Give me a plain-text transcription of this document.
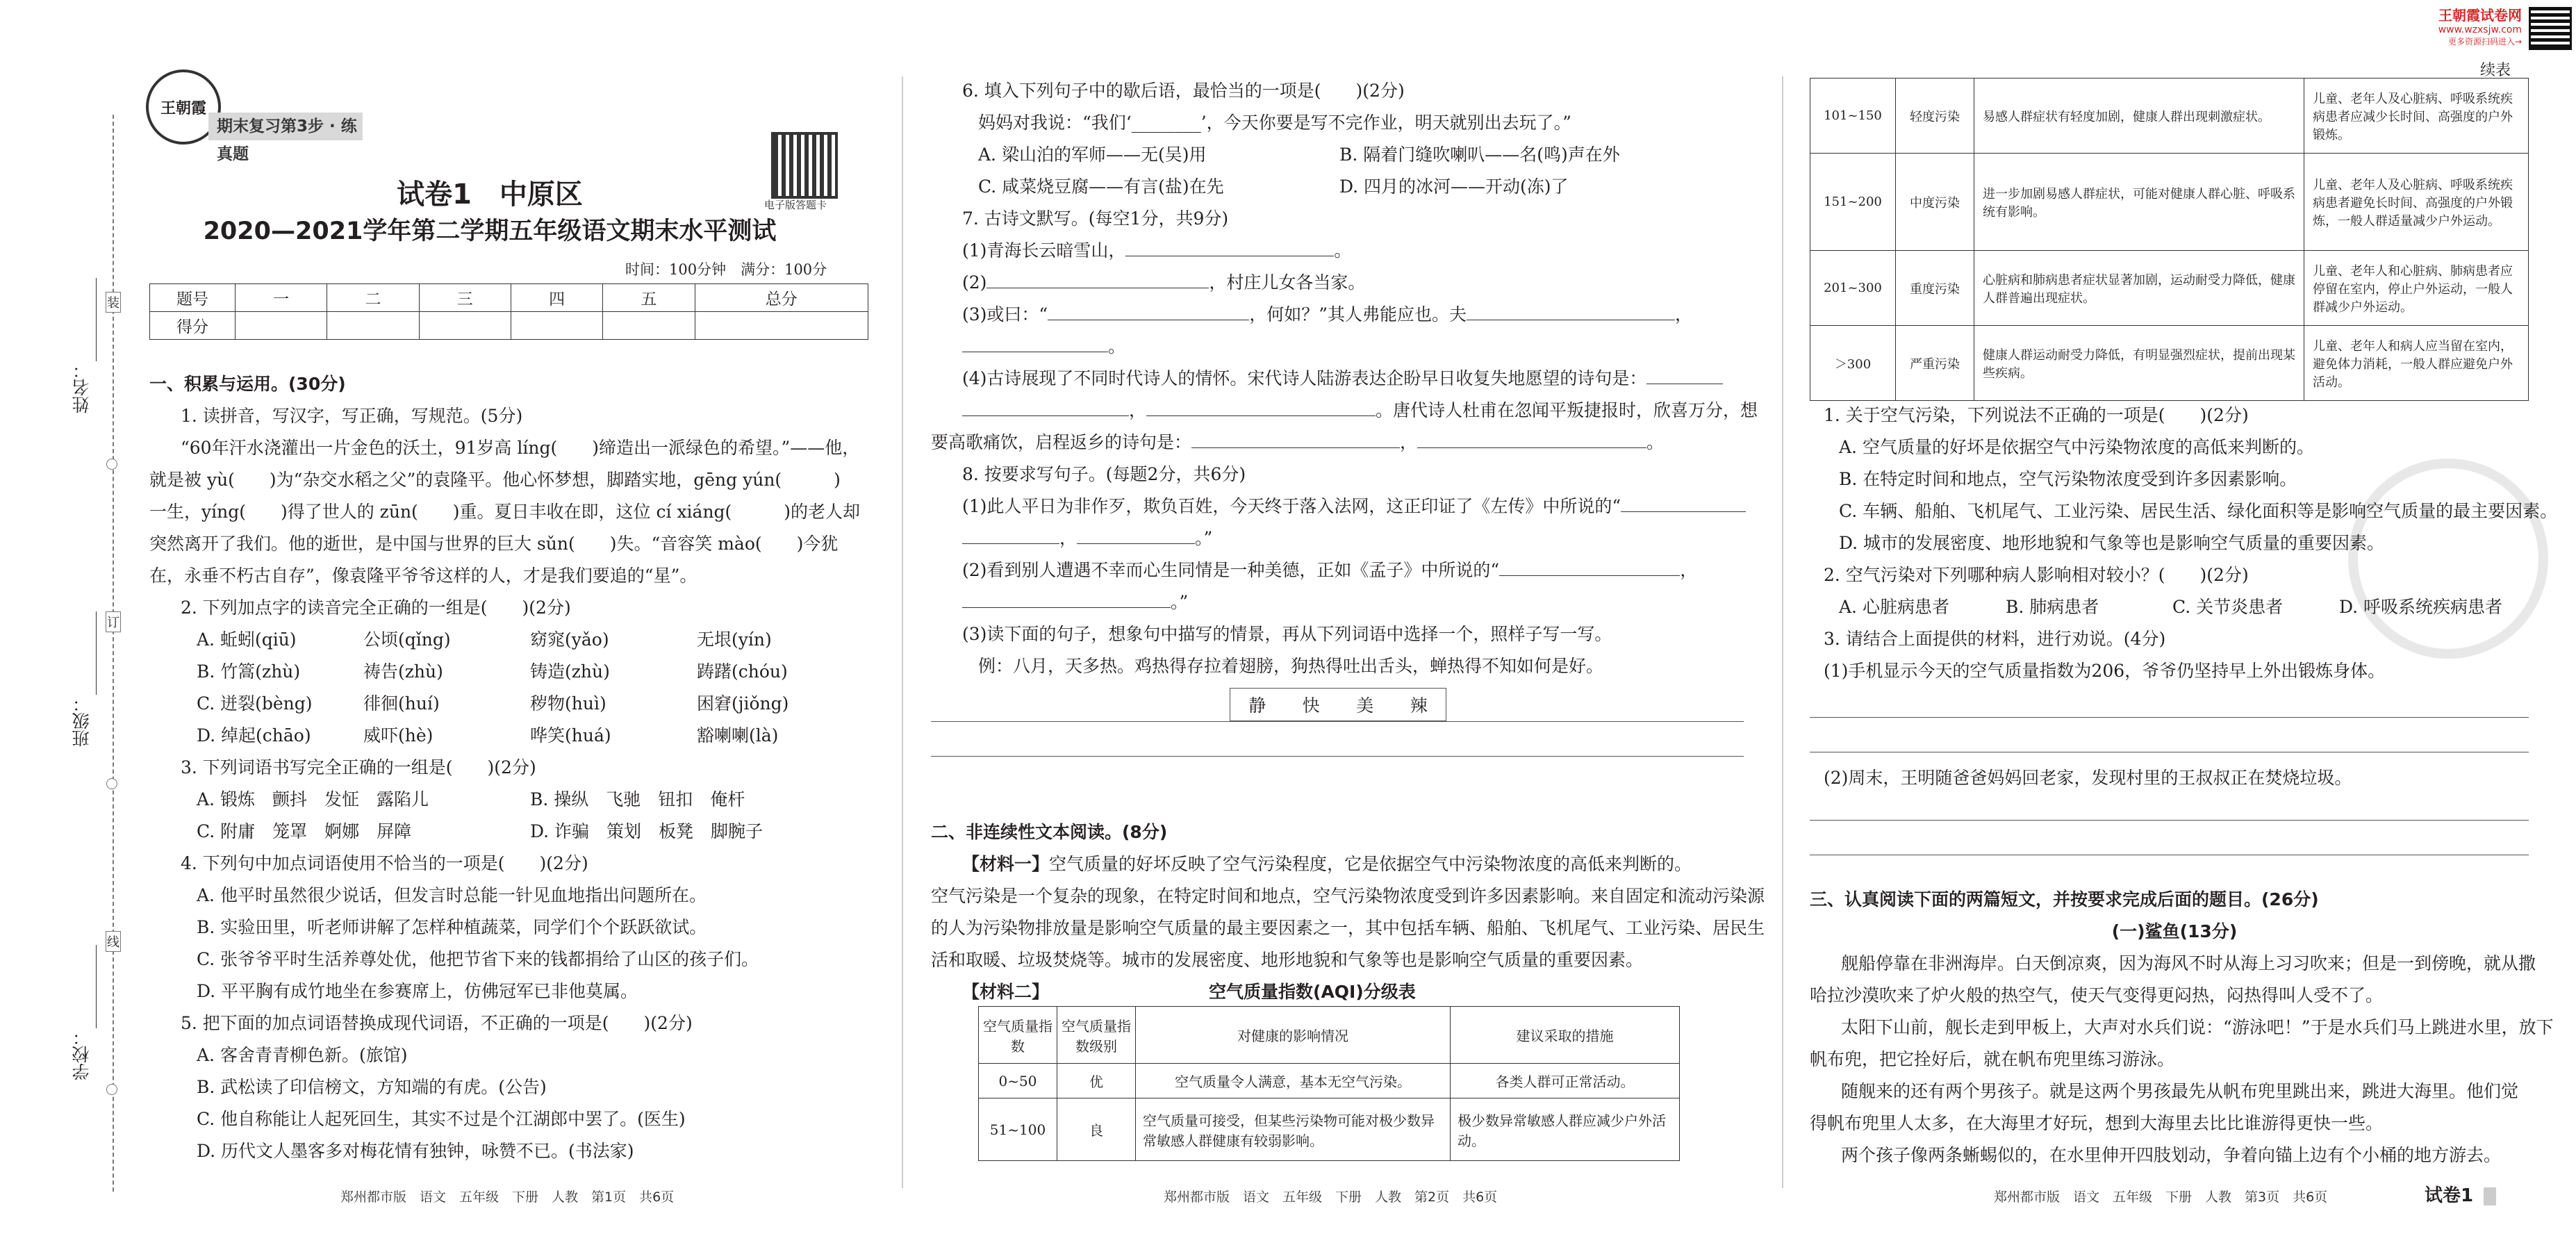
姓名：
班级：
学校：
装
订
线
王朝霞
期末复习第3步 · 练真题
电子版答题卡
试卷1　中原区
2020—2021学年第二学期五年级语文期末水平测试
时间：100分钟　满分：100分
题号	一	二	三	四	五	总分
得分						
一、积累与运用。(30分)
1. 读拼音，写汉字，写正确，写规范。(5分)
“60年汗水浇灌出一片金色的沃土，91岁高 líng(　　)缔造出一派绿色的希望。”——他，
就是被 yù(　　)为“杂交水稻之父”的袁隆平。他心怀梦想，脚踏实地，gēng yún(　　　)
一生，yíng(　　)得了世人的 zūn(　　)重。夏日丰收在即，这位 cí xiáng(　　　)的老人却
突然离开了我们。他的逝世，是中国与世界的巨大 sǔn(　　)失。“音容笑 mào(　　)今犹
在，永垂不朽古自存”，像袁隆平爷爷这样的人，才是我们要追的“星”。
2. 下列加点字的读音完全正确的一组是(　　)(2分)
A. 蚯蚓(qiū)	公顷(qǐng)	窈窕(yǎo)	无垠(yín)
B. 竹篙(zhù)	祷告(zhù)	铸造(zhù)	踌躇(chóu)
C. 迸裂(bèng)	徘徊(huí)	秽物(huì)	困窘(jiǒng)
D. 绰起(chāo)	威吓(hè)	哗笑(huá)	豁喇喇(là)
3. 下列词语书写完全正确的一组是(　　)(2分)
A. 锻炼　颤抖　发怔　露陷儿	B. 操纵　飞驰　钮扣　俺杆
C. 附庸　笼罩　婀娜　屏障	D. 诈骗　策划　板凳　脚腕子
4. 下列句中加点词语使用不恰当的一项是(　　)(2分)
A. 他平时虽然很少说话，但发言时总能一针见血地指出问题所在。
B. 实验田里，听老师讲解了怎样种植蔬菜，同学们个个跃跃欲试。
C. 张爷爷平时生活养尊处优，他把节省下来的钱都捐给了山区的孩子们。
D. 平平胸有成竹地坐在参赛席上，仿佛冠军已非他莫属。
5. 把下面的加点词语替换成现代词语，不正确的一项是(　　)(2分)
A. 客舍青青柳色新。(旅馆)
B. 武松读了印信榜文，方知端的有虎。(公告)
C. 他自称能让人起死回生，其实不过是个江湖郎中罢了。(医生)
D. 历代文人墨客多对梅花情有独钟，咏赞不已。(书法家)
郑州都市版　语文　五年级　下册　人教　第1页　共6页
6. 填入下列句子中的歇后语，最恰当的一项是(　　)(2分)
妈妈对我说：“我们‘________’，今天你要是写不完作业，明天就别出去玩了。”
A. 梁山泊的军师——无(吴)用	B. 隔着门缝吹喇叭——名(鸣)声在外
C. 咸菜烧豆腐——有言(盐)在先	D. 四月的冰河——开动(冻)了
7. 古诗文默写。(每空1分，共9分)
(1)青海长云暗雪山，	。
(2)	，村庄儿女各当家。
(3)或曰：“	，何如？”其人弗能应也。夫	，
。
(4)古诗展现了不同时代诗人的情怀。宋代诗人陆游表达企盼早日收复失地愿望的诗句是：
，	。唐代诗人杜甫在忽闻平叛捷报时，欣喜万分，想
要高歌痛饮，启程返乡的诗句是：	，	。
8. 按要求写句子。(每题2分，共6分)
(1)此人平日为非作歹，欺负百姓，今天终于落入法网，这正印证了《左传》中所说的“
，	。”
(2)看到别人遭遇不幸而心生同情是一种美德，正如《孟子》中所说的“	，
。”
(3)读下面的句子，想象句中描写的情景，再从下列词语中选择一个，照样子写一写。
例：八月，天多热。鸡热得存拉着翅膀，狗热得吐出舌头，蝉热得不知如何是好。
静 快 美 辣
二、非连续性文本阅读。(8分)
【材料一】空气质量的好坏反映了空气污染程度，它是依据空气中污染物浓度的高低来判断的。
空气污染是一个复杂的现象，在特定时间和地点，空气污染物浓度受到许多因素影响。来自固定和流动污染源
的人为污染物排放量是影响空气质量的最主要因素之一，其中包括车辆、船舶、飞机尾气、工业污染、居民生
活和取暖、垃圾焚烧等。城市的发展密度、地形地貌和气象等也是影响空气质量的重要因素。
【材料二】	空气质量指数(AQI)分级表
空气质量指数	空气质量指数级别	对健康的影响情况	建议采取的措施
0~50	优	空气质量令人满意，基本无空气污染。	各类人群可正常活动。
51~100	良	空气质量可接受，但某些污染物可能对极少数异常敏感人群健康有较弱影响。	极少数异常敏感人群应减少户外活动。
郑州都市版　语文　五年级　下册　人教　第2页　共6页
王朝霞试卷网
www.wzxsjw.com
更多资源扫码进入→
续表
101~150	轻度污染	易感人群症状有轻度加剧，健康人群出现刺激症状。	儿童、老年人及心脏病、呼吸系统疾病患者应减少长时间、高强度的户外锻炼。
151~200	中度污染	进一步加剧易感人群症状，可能对健康人群心脏、呼吸系统有影响。	儿童、老年人及心脏病、呼吸系统疾病患者避免长时间、高强度的户外锻炼，一般人群适量减少户外运动。
201~300	重度污染	心脏病和肺病患者症状显著加剧，运动耐受力降低，健康人群普遍出现症状。	儿童、老年人和心脏病、肺病患者应停留在室内，停止户外运动，一般人群减少户外运动。
＞300	严重污染	健康人群运动耐受力降低，有明显强烈症状，提前出现某些疾病。	儿童、老年人和病人应当留在室内，避免体力消耗，一般人群应避免户外活动。
1. 关于空气污染，下列说法不正确的一项是(　　)(2分)
A. 空气质量的好坏是依据空气中污染物浓度的高低来判断的。
B. 在特定时间和地点，空气污染物浓度受到许多因素影响。
C. 车辆、船舶、飞机尾气、工业污染、居民生活、绿化面积等是影响空气质量的最主要因素。
D. 城市的发展密度、地形地貌和气象等也是影响空气质量的重要因素。
2. 空气污染对下列哪种病人影响相对较小？(　　)(2分)
A. 心脏病患者	B. 肺病患者	C. 关节炎患者	D. 呼吸系统疾病患者
3. 请结合上面提供的材料，进行劝说。(4分)
(1)手机显示今天的空气质量指数为206，爷爷仍坚持早上外出锻炼身体。
(2)周末，王明随爸爸妈妈回老家，发现村里的王叔叔正在焚烧垃圾。
三、认真阅读下面的两篇短文，并按要求完成后面的题目。(26分)
(一)鲨鱼(13分)
舰船停靠在非洲海岸。白天倒凉爽，因为海风不时从海上习习吹来；但是一到傍晚，就从撒
哈拉沙漠吹来了炉火般的热空气，使天气变得更闷热，闷热得叫人受不了。
太阳下山前，舰长走到甲板上，大声对水兵们说：“游泳吧！”于是水兵们马上跳进水里，放下
帆布兜，把它拴好后，就在帆布兜里练习游泳。
随舰来的还有两个男孩子。就是这两个男孩最先从帆布兜里跳出来，跳进大海里。他们觉
得帆布兜里人太多，在大海里才好玩，想到大海里去比比谁游得更快一些。
两个孩子像两条蜥蜴似的，在水里伸开四肢划动，争着向锚上边有个小桶的地方游去。
郑州都市版　语文　五年级　下册　人教　第3页　共6页	试卷1
